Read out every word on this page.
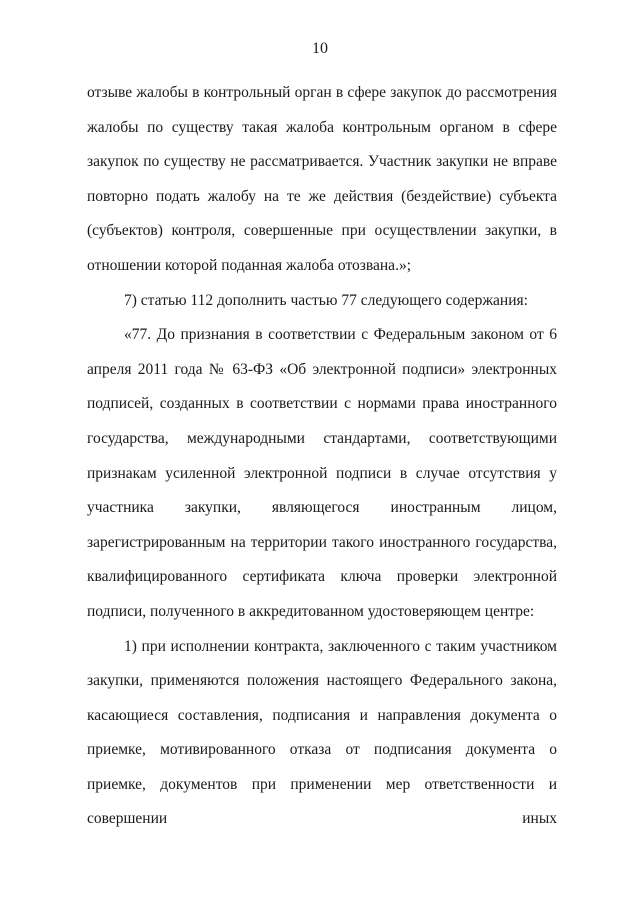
10

отзыве жалобы в контрольный орган в сфере закупок до рассмотрения жалобы по существу такая жалоба контрольным органом в сфере закупок по существу не рассматривается. Участник закупки не вправе повторно подать жалобу на те же действия (бездействие) субъекта (субъектов) контроля, совершенные при осуществлении закупки, в отношении которой поданная жалоба отозвана.»;

7) статью 112 дополнить частью 77 следующего содержания:

«77. До признания в соответствии с Федеральным законом от 6 апреля 2011 года № 63-ФЗ «Об электронной подписи» электронных подписей, созданных в соответствии с нормами права иностранного государства, международными стандартами, соответствующими признакам усиленной электронной подписи в случае отсутствия у участника закупки, являющегося иностранным лицом, зарегистрированным на территории такого иностранного государства, квалифицированного сертификата ключа проверки электронной подписи, полученного в аккредитованном удостоверяющем центре:

1) при исполнении контракта, заключенного с таким участником закупки, применяются положения настоящего Федерального закона, касающиеся составления, подписания и направления документа о приемке, мотивированного отказа от подписания документа о приемке, документов при применении мер ответственности и совершении иных
